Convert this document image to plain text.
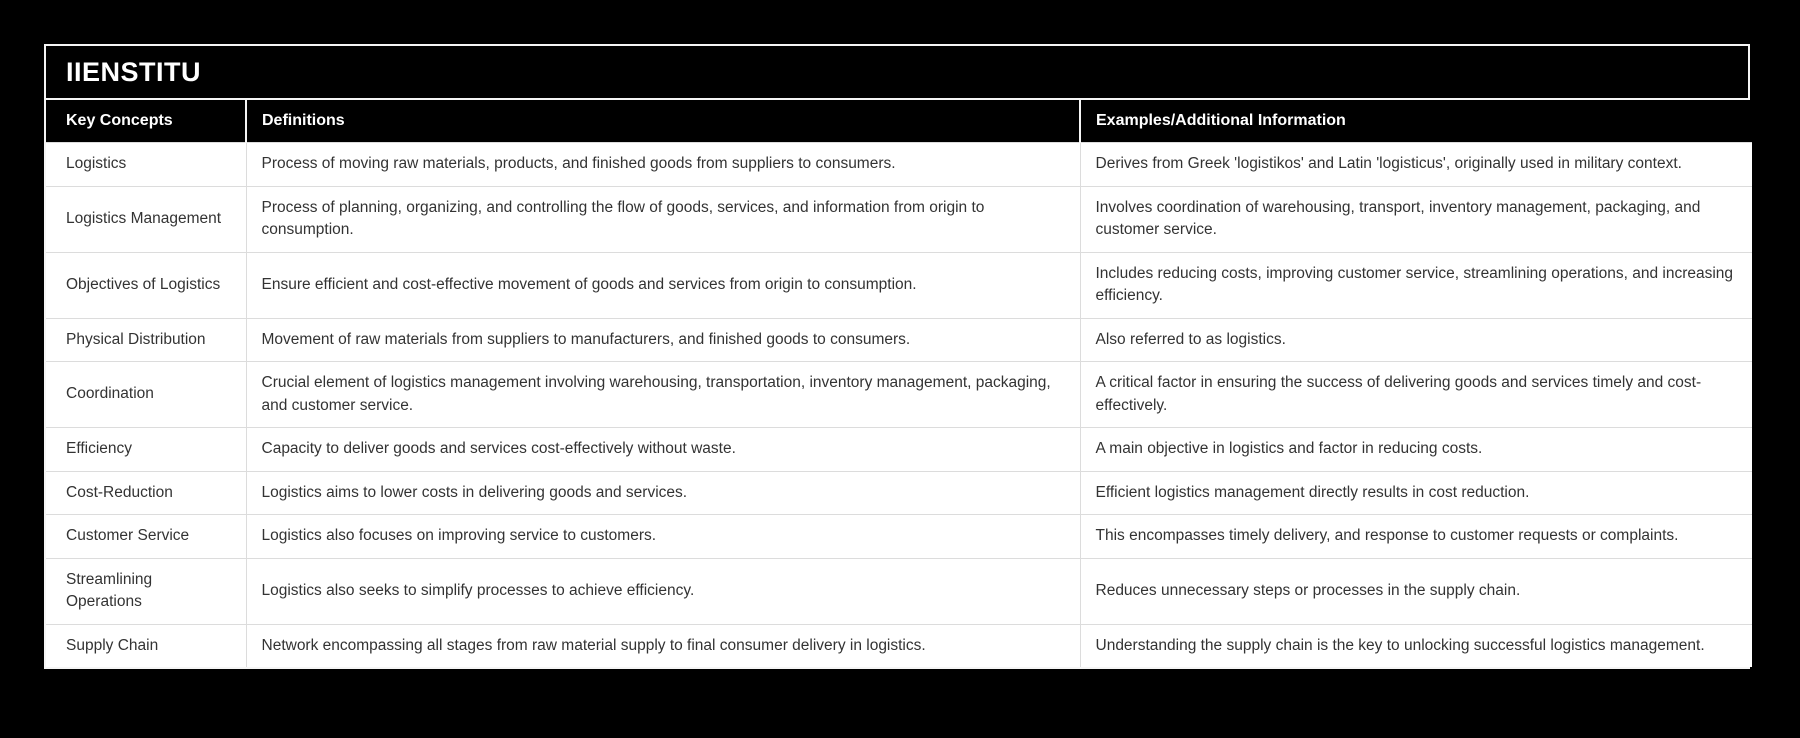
IIENSTITU
Key Concepts	Definitions	Examples/Additional Information
Logistics	Process of moving raw materials, products, and finished goods from suppliers to consumers.	Derives from Greek 'logistikos' and Latin 'logisticus', originally used in military context.
Logistics Management	Process of planning, organizing, and controlling the flow of goods, services, and information from origin to consumption.	Involves coordination of warehousing, transport, inventory management, packaging, and customer service.
Objectives of Logistics	Ensure efficient and cost-effective movement of goods and services from origin to consumption.	Includes reducing costs, improving customer service, streamlining operations, and increasing efficiency.
Physical Distribution	Movement of raw materials from suppliers to manufacturers, and finished goods to consumers.	Also referred to as logistics.
Coordination	Crucial element of logistics management involving warehousing, transportation, inventory management, packaging, and customer service.	A critical factor in ensuring the success of delivering goods and services timely and cost-effectively.
Efficiency	Capacity to deliver goods and services cost-effectively without waste.	A main objective in logistics and factor in reducing costs.
Cost-Reduction	Logistics aims to lower costs in delivering goods and services.	Efficient logistics management directly results in cost reduction.
Customer Service	Logistics also focuses on improving service to customers.	This encompasses timely delivery, and response to customer requests or complaints.
Streamlining Operations	Logistics also seeks to simplify processes to achieve efficiency.	Reduces unnecessary steps or processes in the supply chain.
Supply Chain	Network encompassing all stages from raw material supply to final consumer delivery in logistics.	Understanding the supply chain is the key to unlocking successful logistics management.
